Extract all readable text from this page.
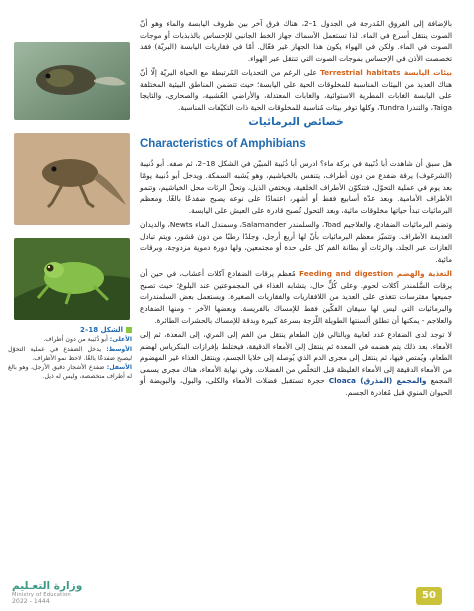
الشكل 18–2
الأعلى: أبو ذُنَيبة من دون أطراف.
الأوسط: يدخل الضفدع في عملية التحوّل ليصبح ضفدعًا بالغًا. لاحظ نمو الأطراف.
الأسفل: ضفدع الأشجار دقيق الأرجل، وهو بالغ له أطراف متخصصة، وليس له ذيل.

بالإضافة إلى الفروق المُدرجة في الجدول 1–2، هناك فرق آخر بين ظروف اليابسة والماء وهو أنّ الصوت ينتقل أسرع في الماء. لذا تستعمل الأسماك جهاز الخط الجانبي للإحساس بالذبذبات أو موجات الصوت في الماء. ولكن في الهواء يكون هذا الجهاز غير فعّال. أمّا في فقاريات اليابسة (البريّة) فقد تخصصت الأذن في الإحساس بموجات الصوت التي تنتقل عبر الهواء.

بيئات اليابسة Terrestrial habitats على الرغم من التحديات المُرتبطة مع الحياة البريّة إلّا أنّ هناك العديد من البيئات المناسبة للمخلوقات الحية على اليابسة؛ حيث تتضمن المناطق البيئية المختلفة على اليابسة الغابات المطرية الاستوائية، والغابات المعتدلة، والأراضي العُشبية، والصحارى، والتايجا Taiga، والتندرا Tundra، وكلها توفر بيئات مُناسبة للمخلوقات الحية ذات التكيّفات المناسبة.

خصائص البرمائيات
Characteristics of Amphibians

هل سبق أن شاهدت أبا ذُنَيبة في بركة ماء؟ ادرس أبا ذُنَيبة المبيّن في الشكل 18–2، ثم صفه. أبو ذُنيبة (الشرغوف) يرقة ضفدع من دون أطراف، يتنفس بالخياشيم، وهو يُشبه السمكة. ويدخل أبو ذُنيبة يومًا بعد يوم في عملية التحوّل، فتتكوّن الأطراف الخلفية، ويختفي الذيل، وتحلّ الرئات محل الخياشيم، وتنمو الأطراف الأمامية. وبعد عدّة أسابيع فقط أو أشهر، اعتمادًا على نوعه يصبح ضفدعًا بالغًا. ومعظم البرمائيات تبدأ حياتها مخلوقات مائية، وبعد التحول تُصبح قادرة على العيش على اليابسة.

وتضم البرمائيات الضفادع، والعلاجيم Toad، والسلمندر Salamander، وسمندل الماء Newts، والديدان العديمة الأطراف. وتتميّز معظم البرمائيات بأنّ لها أربع أرجل، وجلدًا رطبًا من دون قشور، ويتم تبادل الغازات عبر الجلد، والرئات أو بطانة الفم كل على حدة أو مجتمعين، ولها دورة دموية مزدوجة، وبرقات مائية.

التغذية والهضم Feeding and digestion مُعظم يرقات الضفادع آكلات أعشاب، في حين أن يرقات السَّلمندر آكلات لحوم. وعلى كُلٍّ حال، يتشابه الغذاء في المجموعتين عند البلوغ؛ حيث تصبح جميعها مفترسات تتغذى على العديد من اللافقاريات والفقاريات الصغيرة. ويستعمل بعض السلمندرات والبرمائيات التي ليس لها سيقان الفكّين فقط للإمساك بالفريسة. وبعضها الآخر - ومنها الضفادع والعلاجم - يمكنها أن تطلق ألسنتها الطويلة اللّزجة بسرعة كبيرة وبدقة للإمساك بالحشرات الطائرة.

لا توجد لدى الضفادع غدد لعابية وبالتالي فإن الطعام ينتقل من الفم إلى المري، إلى المعدة، ثم إلى الأمعاء. بعد ذلك يتم هضمه في المعدة ثم ينتقل إلى الأمعاء الدقيقة، فيختلط بإفرازات البنكرياس لهضم الطعام، ويُمتص فيها، ثم ينتقل إلى مجرى الدم الذي يُوصله إلى خلايا الجسم، وينتقل الغذاء غير المهضوم من الأمعاء الدقيقة إلى الأمعاء الغليظة قبل التخلّص من الفضلات. وفي نهاية الأمعاء، هناك مجرى يسمى المجمع والمجمع (المذرق) Cloaca حجرة تستقبل فضلات الأمعاء والكلى، والبول، والبويضة أو الحيوان المنوي قبل مُغادرة الجسم.

وزارة التعـليم
Ministry of Education
2022 - 1444
50
